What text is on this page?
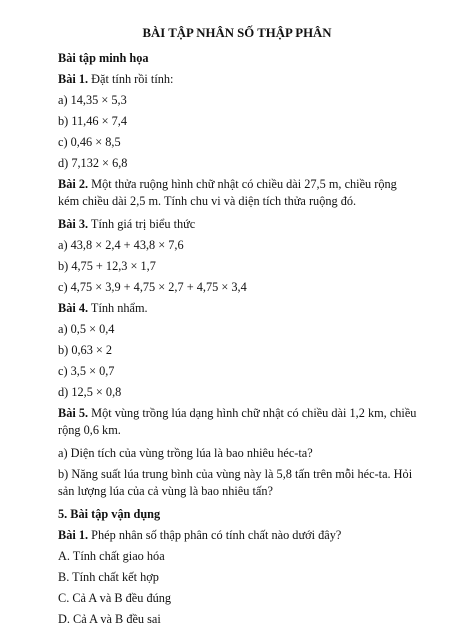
BÀI TẬP NHÂN SỐ THẬP PHÂN
Bài tập minh họa
Bài 1. Đặt tính rồi tính:
a) 14,35 × 5,3
b) 11,46 × 7,4
c) 0,46 × 8,5
d) 7,132 × 6,8
Bài 2. Một thửa ruộng hình chữ nhật có chiều dài 27,5 m, chiều rộng kém chiều dài 2,5 m. Tính chu vi và diện tích thửa ruộng đó.
Bài 3. Tính giá trị biểu thức
a) 43,8 × 2,4 + 43,8 × 7,6
b) 4,75 + 12,3 × 1,7
c) 4,75 × 3,9 + 4,75 × 2,7 + 4,75 × 3,4
Bài 4. Tính nhẩm.
a) 0,5 × 0,4
b) 0,63 × 2
c) 3,5 × 0,7
d) 12,5 × 0,8
Bài 5. Một vùng trồng lúa dạng hình chữ nhật có chiều dài 1,2 km, chiều rộng 0,6 km.
a) Diện tích của vùng trồng lúa là bao nhiêu héc-ta?
b) Năng suất lúa trung bình của vùng này là 5,8 tấn trên mỗi héc-ta. Hỏi sản lượng lúa của cả vùng là bao nhiêu tấn?
5. Bài tập vận dụng
Bài 1. Phép nhân số thập phân có tính chất nào dưới đây?
A. Tính chất giao hóa
B. Tính chất kết hợp
C. Cả A và B đều đúng
D. Cả A và B đều sai
